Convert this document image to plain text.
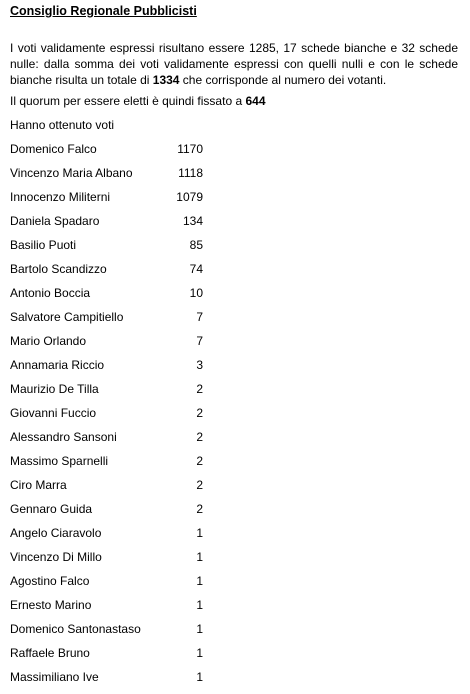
Consiglio Regionale Pubblicisti
I voti validamente espressi risultano essere 1285, 17 schede bianche e 32 schede nulle: dalla somma dei voti validamente espressi con quelli nulli e con le schede bianche risulta un totale di 1334 che corrisponde al numero dei votanti.
Il quorum per essere eletti è quindi fissato a 644
Hanno ottenuto voti
Domenico Falco	1170
Vincenzo Maria Albano	1118
Innocenzo Militerni	1079
Daniela Spadaro	134
Basilio Puoti	85
Bartolo Scandizzo	74
Antonio Boccia	10
Salvatore Campitiello	7
Mario Orlando	7
Annamaria Riccio	3
Maurizio De Tilla	2
Giovanni Fuccio	2
Alessandro Sansoni	2
Massimo Sparnelli	2
Ciro Marra	2
Gennaro Guida	2
Angelo Ciaravolo	1
Vincenzo Di Millo	1
Agostino Falco	1
Ernesto Marino	1
Domenico Santonastaso	1
Raffaele Bruno	1
Massimiliano Ive	1
